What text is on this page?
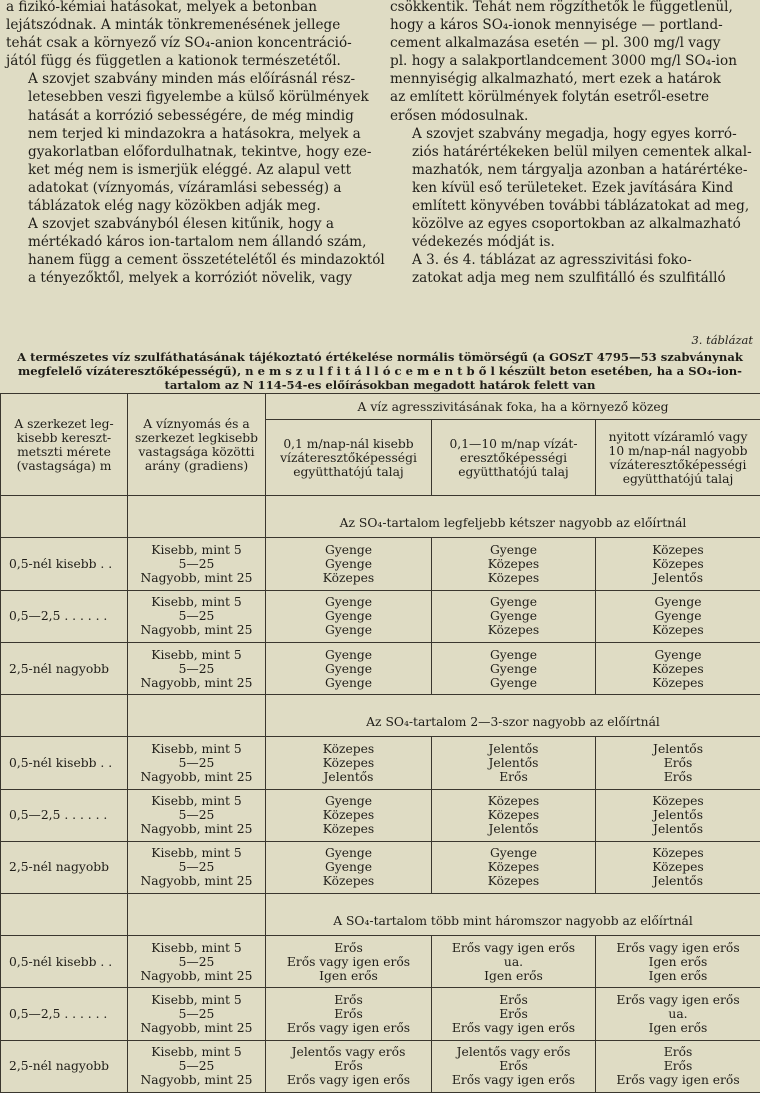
a fizikó-kémiai hatásokat, melyek a betonban
lejátszódnak. A minták tönkremenésének jellege
tehát csak a környező víz SO₄-anion koncentráció-
jától függ és független a kationok természetétől.

A szovjet szabvány minden más előírásnál rész-
letesebben veszi figyelembe a külső körülmények
hatását a korrózió sebességére, de még mindig
nem terjed ki mindazokra a hatásokra, melyek a
gyakorlatban előfordulhatnak, tekintve, hogy eze-
ket még nem is ismerjük eléggé. Az alapul vett
adatokat (víznyomás, vízáramlási sebesség) a
táblázatok elég nagy közökben adják meg.

A szovjet szabványból élesen kitűnik, hogy a
mértékadó káros ion-tartalom nem állandó szám,
hanem függ a cement összetételétől és mindazoktól
a tényezőktől, melyek a korróziót növelik, vagy

csökkentik. Tehát nem rögzíthetők le függetlenül,
hogy a káros SO₄-ionok mennyisége — portland-
cement alkalmazása esetén — pl. 300 mg/l vagy
pl. hogy a salakportlandcement 3000 mg/l SO₄-ion
mennyiségig alkalmazható, mert ezek a határok
az említett körülmények folytán esetről-esetre
erősen módosulnak.

A szovjet szabvány megadja, hogy egyes korró-
ziós határértékeken belül milyen cementek alkal-
mazhatók, nem tárgyalja azonban a határértéke-
ken kívül eső területeket. Ezek javítására Kind
említett könyvében további táblázatokat ad meg,
közölve az egyes csoportokban az alkalmazható
védekezés módját is.

A 3. és 4. táblázat az agresszivitási foko-
zatokat adja meg nem szulfitálló és szulfitálló

3. táblázat
A természetes víz szulfáthatásának tájékoztató értékelése normális tömörségű (a GOSzT 4795—53 szabványnak
megfelelő vízáteresztőképességű), n e m s z u l f i t á l l ó c e m e n t b ő l készült beton esetében, ha a SO₄-ion-
tartalom az N 114-54-es előírásokban megadott határok felett van
A szerkezet leg-
kisebb kereszt-
metszti mérete
(vastagsága) m	A víznyomás és a
szerkezet legkisebb
vastagsága közötti
arány (gradiens)	A víz agresszivitásának foka, ha a környező közeg		

		0,1 m/nap-nál kisebb
vízáteresztőképességi
együtthatójú talaj	0,1—10 m/nap vízát-
eresztőképességi
együtthatójú talaj	nyitott vízáramló vagy
10 m/nap-nál nagyobb
vízáteresztőképességi
együtthatójú talaj

		Az SO₄-tartalom legfeljebb kétszer nagyobb az előírtnál		
0,5-nél kisebb . .	Kisebb, mint 5
5—25
Nagyobb, mint 25	Gyenge
Gyenge
Közepes	Gyenge
Közepes
Közepes	Közepes
Közepes
Jelentős

0,5—2,5 . . . . . .	Kisebb, mint 5
5—25
Nagyobb, mint 25	Gyenge
Gyenge
Gyenge	Gyenge
Gyenge
Közepes	Gyenge
Gyenge
Közepes

2,5-nél nagyobb	Kisebb, mint 5
5—25
Nagyobb, mint 25	Gyenge
Gyenge
Gyenge	Gyenge
Gyenge
Gyenge	Gyenge
Közepes
Közepes

		Az SO₄-tartalom 2—3-szor nagyobb az előírtnál		
0,5-nél kisebb . .	Kisebb, mint 5
5—25
Nagyobb, mint 25	Közepes
Közepes
Jelentős	Jelentős
Jelentős
Erős	Jelentős
Erős
Erős

0,5—2,5 . . . . . .	Kisebb, mint 5
5—25
Nagyobb, mint 25	Gyenge
Közepes
Közepes	Közepes
Közepes
Jelentős	Közepes
Jelentős
Jelentős

2,5-nél nagyobb	Kisebb, mint 5
5—25
Nagyobb, mint 25	Gyenge
Gyenge
Közepes	Gyenge
Közepes
Közepes	Közepes
Közepes
Jelentős

		A SO₄-tartalom több mint háromszor nagyobb az előírtnál		
0,5-nél kisebb . .	Kisebb, mint 5
5—25
Nagyobb, mint 25	Erős
Erős vagy igen erős
Igen erős	Erős vagy igen erős
ua.
Igen erős	Erős vagy igen erős
Igen erős
Igen erős

0,5—2,5 . . . . . .	Kisebb, mint 5
5—25
Nagyobb, mint 25	Erős
Erős
Erős vagy igen erős	Erős
Erős
Erős vagy igen erős	Erős vagy igen erős
ua.
Igen erős

2,5-nél nagyobb	Kisebb, mint 5
5—25
Nagyobb, mint 25	Jelentős vagy erős
Erős
Erős vagy igen erős	Jelentős vagy erős
Erős
Erős vagy igen erős	Erős
Erős
Erős vagy igen erős
